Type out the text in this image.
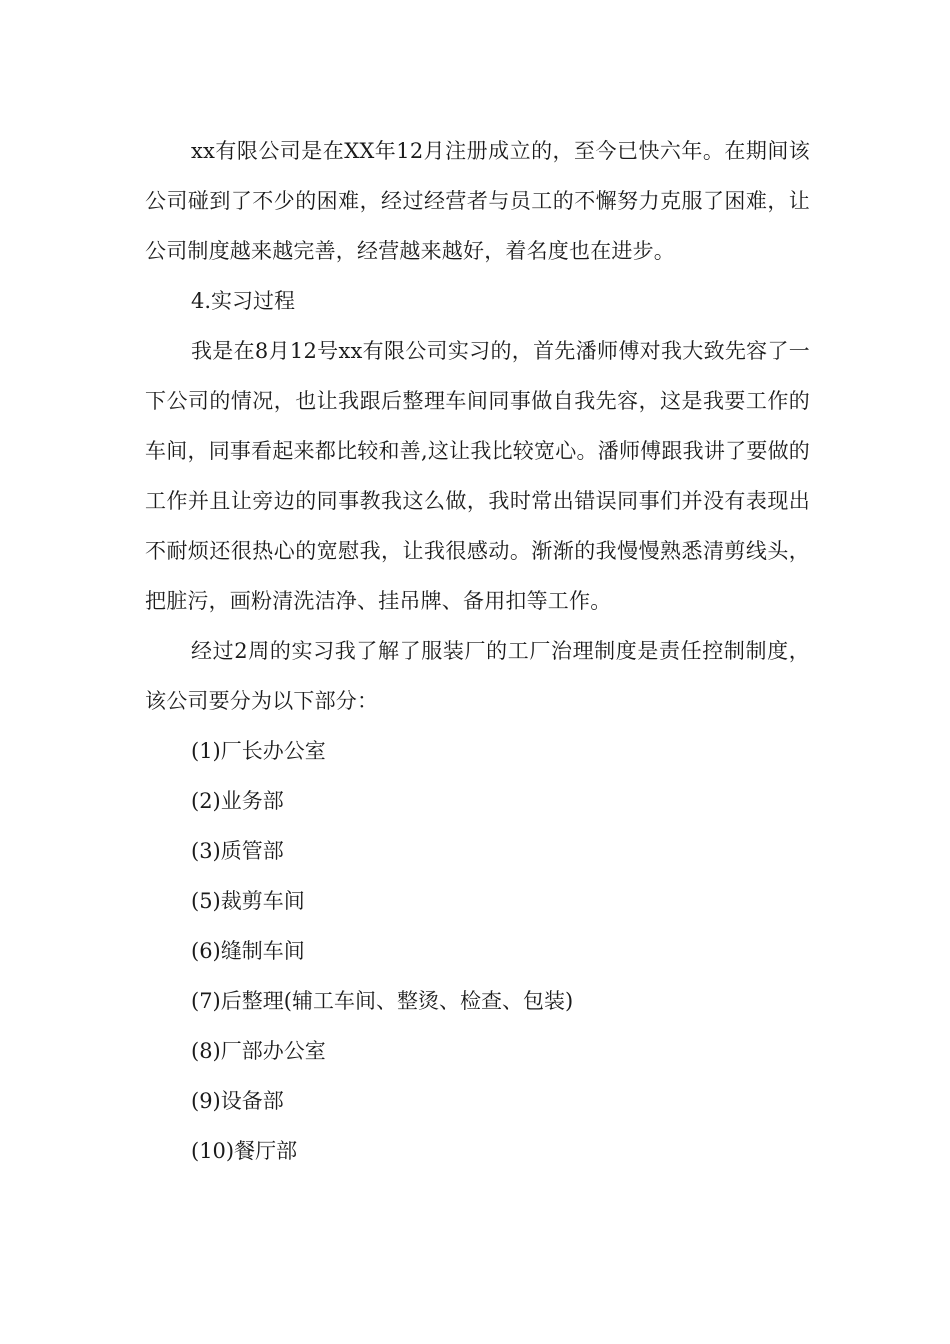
xx有限公司是在XX年12月注册成立的，至今已快六年。在期间该公司碰到了不少的困难，经过经营者与员工的不懈努力克服了困难，让公司制度越来越完善，经营越来越好，着名度也在进步。

4.实习过程

我是在8月12号xx有限公司实习的，首先潘师傅对我大致先容了一下公司的情况，也让我跟后整理车间同事做自我先容，这是我要工作的车间，同事看起来都比较和善,这让我比较宽心。潘师傅跟我讲了要做的工作并且让旁边的同事教我这么做，我时常出错误同事们并没有表现出不耐烦还很热心的宽慰我，让我很感动。渐渐的我慢慢熟悉清剪线头，把脏污，画粉清洗洁净、挂吊牌、备用扣等工作。

经过2周的实习我了解了服装厂的工厂治理制度是责任控制制度，该公司要分为以下部分：

(1)厂长办公室
(2)业务部
(3)质管部
(5)裁剪车间
(6)缝制车间
(7)后整理(辅工车间、整烫、检查、包装)
(8)厂部办公室
(9)设备部
(10)餐厅部
